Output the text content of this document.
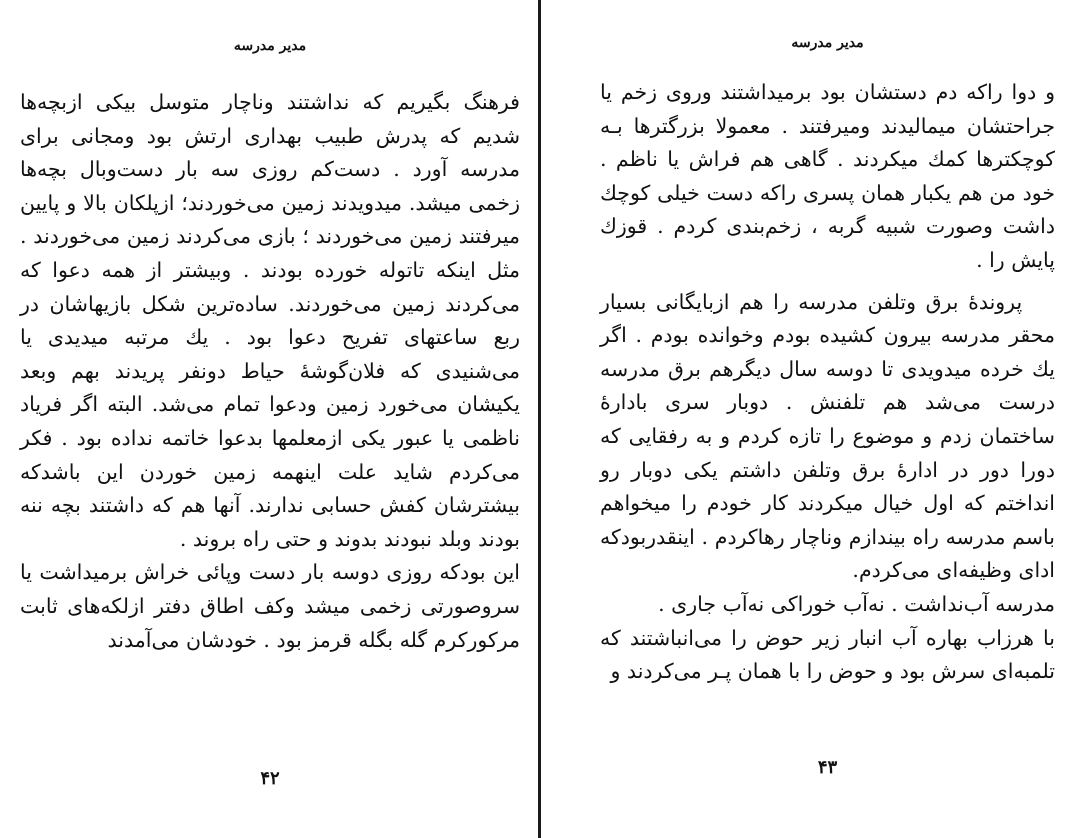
مدیر مدرسه

فرهنگ بگیریم که نداشتند وناچار متوسل بیکی ازبچه‌ها شدیم که پدرش طبیب بهداری ارتش بود ومجانی برای مدرسه آورد . دست‌کم روزی سه بار دست‌وبال بچه‌ها زخمی میشد. میدویدند زمین می‌خوردند؛ ازپلکان بالا و پایین میرفتند زمین می‌خوردند ؛ بازی می‌کردند زمین می‌خوردند . مثل اینکه تاتوله خورده بودند . وبیشتر از همه دعوا که می‌کردند زمین می‌خوردند. ساده‌ترین شکل بازیهاشان در ربع ساعتهای تفریح دعوا بود . یك مرتبه میدیدی یا می‌شنیدی که فلان‌گوشهٔ حیاط دونفر پریدند بهم وبعد یکیشان می‌خورد زمین ودعوا تمام می‌شد. البته اگر فریاد ناظمی یا عبور یکی ازمعلمها بدعوا خاتمه نداده بود . فکر می‌کردم شاید علت اینهمه زمین خوردن این باشدکه بیشترشان کفش حسابی ندارند. آنها هم که داشتند بچه ننه بودند وبلد نبودند بدوند و حتی راه بروند .

این بودکه روزی دوسه بار دست وپائی خراش برمیداشت یا سروصورتی زخمی میشد وکف اطاق دفتر ازلکه‌های ثابت مرکورکرم گله بگله قرمز بود . خودشان می‌آمدند

۴۲
مدیر مدرسه

و دوا راکه دم دستشان بود برمیداشتند وروی زخم یا جراحتشان میمالیدند ومیرفتند . معمولا بزرگترها بـه کوچکترها کمك میکردند . گاهی هم فراش یا ناظم . خود من هم یکبار همان پسری راکه دست خیلی کوچك داشت وصورت شبیه گربه ، زخم‌بندی کردم . قوزك پایش را .

پروندهٔ برق وتلفن مدرسه را هم ازبایگانی بسیار محقر مدرسه بیرون کشیده بودم وخوانده بودم . اگر یك خرده میدویدی تا دوسه سال دیگرهم برق مدرسه درست می‌شد هم تلفنش . دوبار سری بادارهٔ ساختمان زدم و موضوع را تازه کردم و به رفقایی که دورا دور در ادارهٔ برق وتلفن داشتم یکی دوبار رو انداختم که اول خیال میکردند کار خودم را میخواهم باسم مدرسه راه بیندازم وناچار رهاکردم . اینقدربودکه ادای وظیفه‌ای می‌کردم.

مدرسه آب‌نداشت . نه‌آب‌ خوراکی نه‌آب جاری .

با هرزاب بهاره آب انبار زیر حوض را می‌انباشتند که تلمبه‌ای سرش بود و حوض را با همان پـر می‌کردند و

۴۳
